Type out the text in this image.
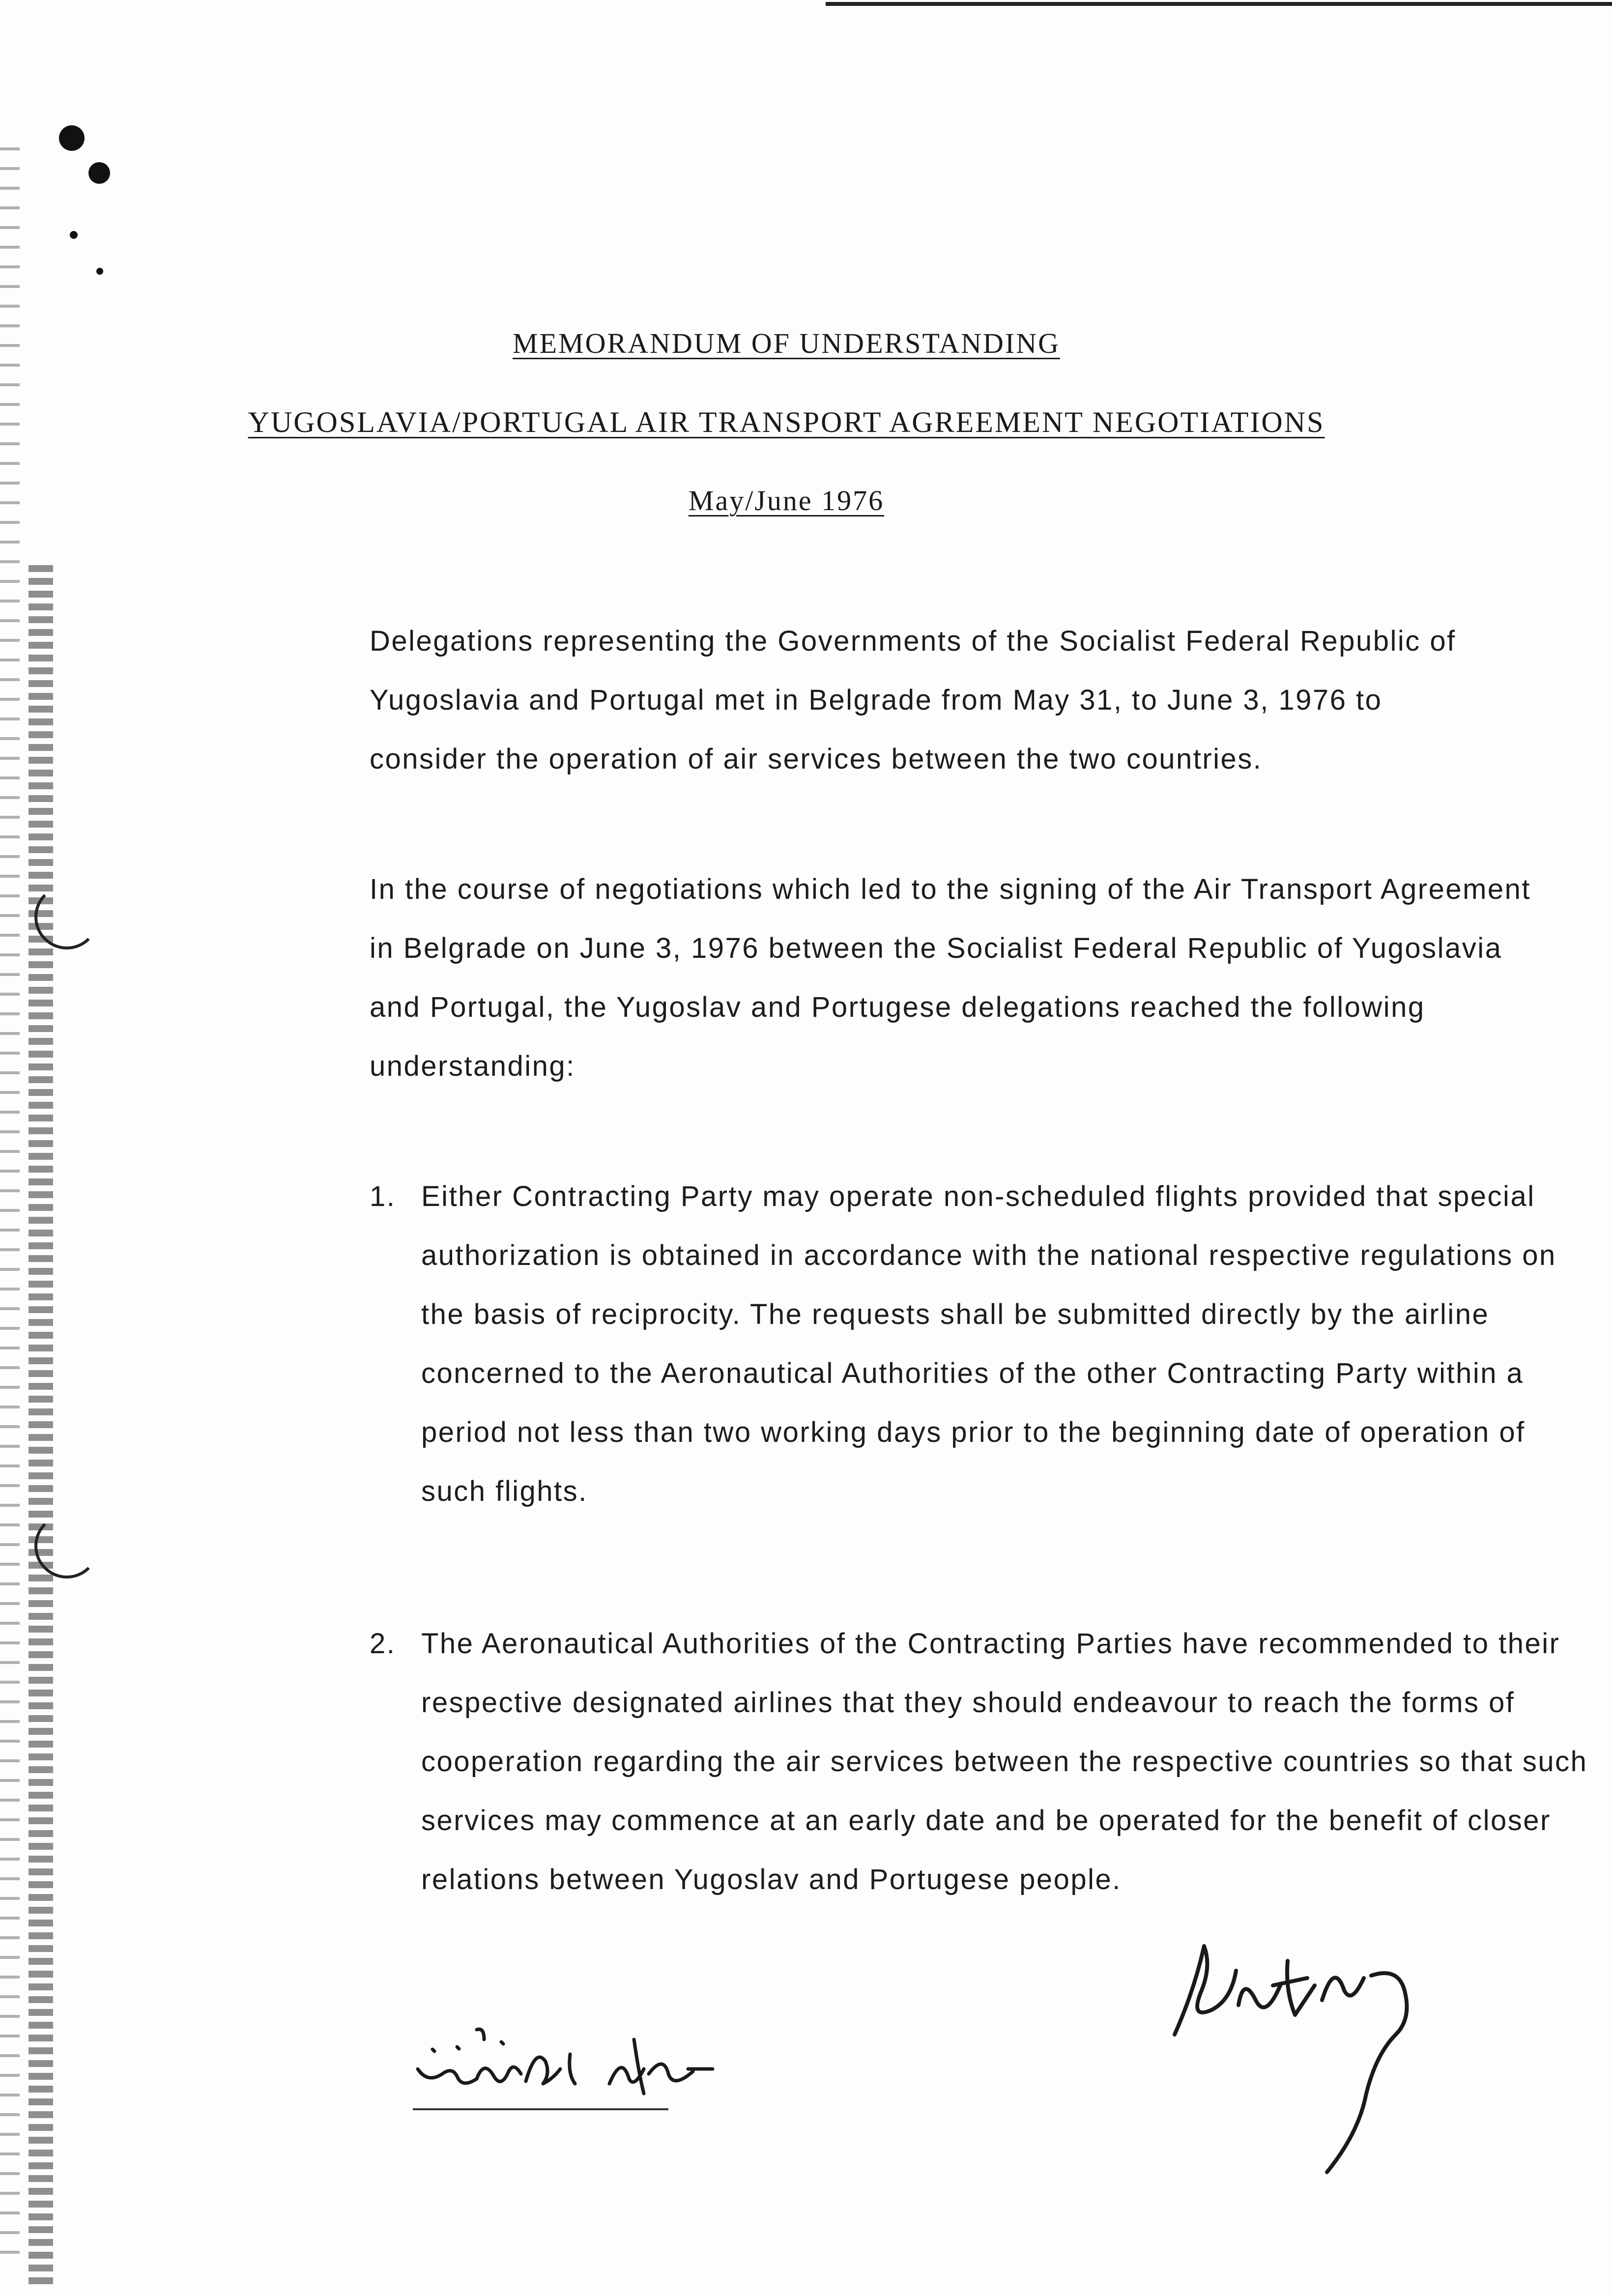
MEMORANDUM OF UNDERSTANDING
YUGOSLAVIA/PORTUGAL AIR TRANSPORT AGREEMENT NEGOTIATIONS
May/June 1976

Delegations representing the Governments of the Socialist Federal Republic of Yugoslavia and Portugal met in Belgrade from May 31, to June 3, 1976 to consider the operation of air services between the two countries.

In the course of negotiations which led to the signing of the Air Transport Agreement in Belgrade on June 3, 1976 between the Socialist Federal Republic of Yugoslavia and Portugal, the Yugoslav and Portugese delegations reached the following understanding:

1. Either Contracting Party may operate non-scheduled flights provided that special authorization is obtained in accordance with the national respective regulations on the basis of reciprocity. The requests shall be submitted directly by the airline concerned to the Aeronautical Authorities of the other Contracting Party within a period not less than two working days prior to the beginning date of operation of such flights.
2. The Aeronautical Authorities of the Contracting Parties have recommended to their respective designated airlines that they should endeavour to reach the forms of cooperation regarding the air services between the respective countries so that such services may commence at an early date and be operated for the benefit of closer relations between Yugoslav and Portugese people.
